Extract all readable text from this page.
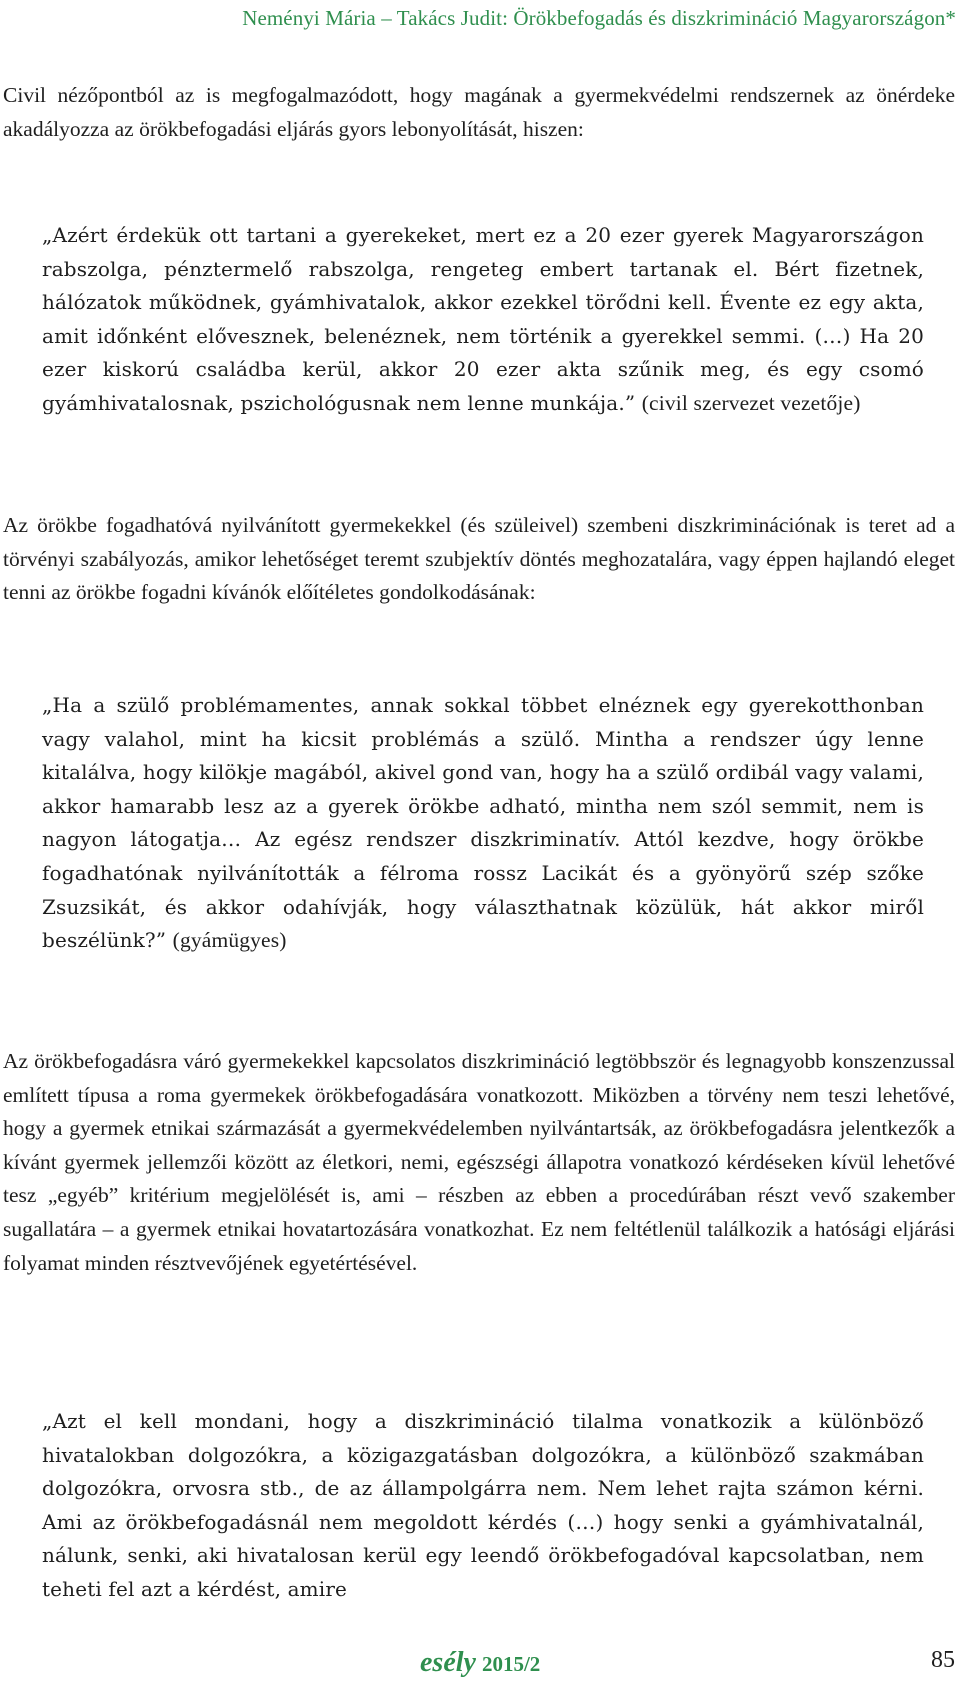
Neményi Mária – Takács Judit: Örökbefogadás és diszkrimináció Magyarországon*

Civil nézőpontból az is megfogalmazódott, hogy magának a gyermekvédelmi rendszernek az önérdeke akadályozza az örökbefogadási eljárás gyors lebonyolítását, hiszen:

„Azért érdekük ott tartani a gyerekeket, mert ez a 20 ezer gyerek Magyarországon rabszolga, pénztermelő rabszolga, rengeteg embert tartanak el. Bért fizetnek, hálózatok működnek, gyámhivatalok, akkor ezekkel törődni kell. Évente ez egy akta, amit időnként elővesznek, belenéznek, nem történik a gyerekkel semmi. (…) Ha 20 ezer kiskorú családba kerül, akkor 20 ezer akta szűnik meg, és egy csomó gyámhivatalosnak, pszichológusnak nem lenne munkája.” (civil szervezet vezetője)

Az örökbe fogadhatóvá nyilvánított gyermekekkel (és szüleivel) szembeni diszkriminációnak is teret ad a törvényi szabályozás, amikor lehetőséget teremt szubjektív döntés meghozatalára, vagy éppen hajlandó eleget tenni az örökbe fogadni kívánók előítéletes gondolkodásának:

„Ha a szülő problémamentes, annak sokkal többet elnéznek egy gyerekotthonban vagy valahol, mint ha kicsit problémás a szülő. Mintha a rendszer úgy lenne kitalálva, hogy kilökje magából, akivel gond van, hogy ha a szülő ordibál vagy valami, akkor hamarabb lesz az a gyerek örökbe adható, mintha nem szól semmit, nem is nagyon látogatja… Az egész rendszer diszkriminatív. Attól kezdve, hogy örökbe fogadhatónak nyilvánították a félroma rossz Lacikát és a gyönyörű szép szőke Zsuzsikát, és akkor odahívják, hogy választhatnak közülük, hát akkor miről beszélünk?” (gyámügyes)

Az örökbefogadásra váró gyermekekkel kapcsolatos diszkrimináció legtöbbször és legnagyobb konszenzussal említett típusa a roma gyermekek örökbefogadására vonatkozott. Miközben a törvény nem teszi lehetővé, hogy a gyermek etnikai származását a gyermekvédelemben nyilvántartsák, az örökbefogadásra jelentkezők a kívánt gyermek jellemzői között az életkori, nemi, egészségi állapotra vonatkozó kérdéseken kívül lehetővé tesz „egyéb” kritérium megjelölését is, ami – részben az ebben a procedúrában részt vevő szakember sugallatára – a gyermek etnikai hovatartozására vonatkozhat. Ez nem feltétlenül találkozik a hatósági eljárási folyamat minden résztvevőjének egyetértésével.

„Azt el kell mondani, hogy a diszkrimináció tilalma vonatkozik a különböző hivatalokban dolgozókra, a közigazgatásban dolgozókra, a különböző szakmában dolgozókra, orvosra stb., de az állampolgárra nem. Nem lehet rajta számon kérni. Ami az örökbefogadásnál nem megoldott kérdés (…) hogy senki a gyámhivatalnál, nálunk, senki, aki hivatalosan kerül egy leendő örökbefogadóval kapcsolatban, nem teheti fel azt a kérdést, amire

esély 2015/2	85
